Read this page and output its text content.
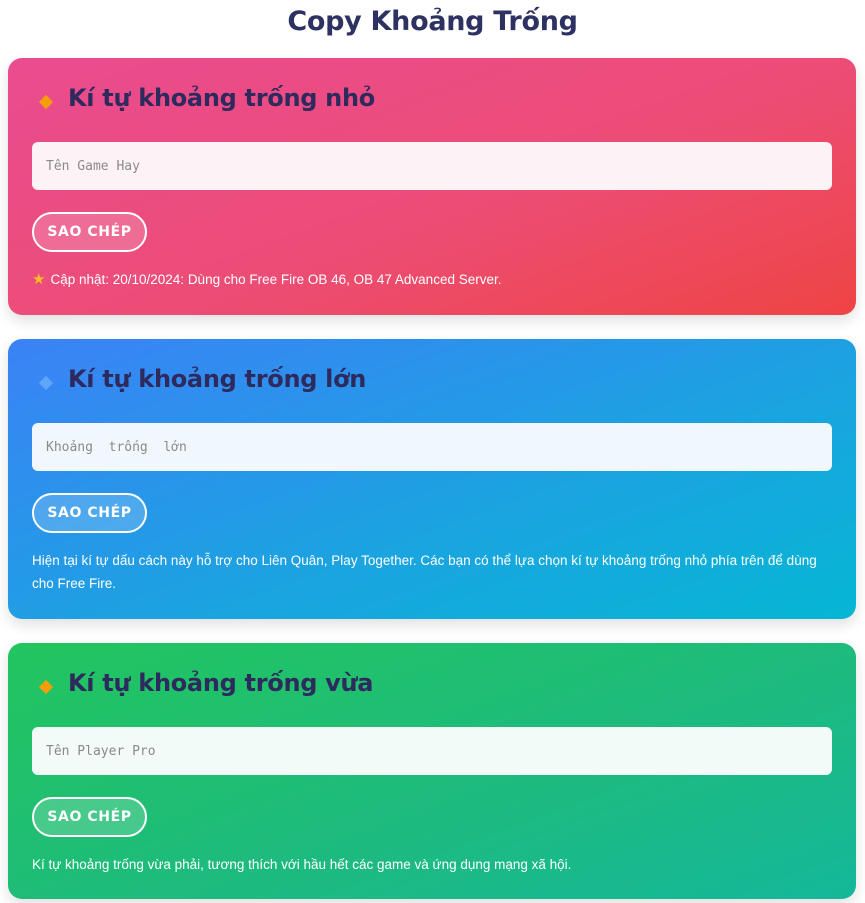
Copy Khoảng Trống
Kí tự khoảng trống nhỏ
Tên Game Hay
SAO CHÉP

★ Cập nhật: 20/10/2024: Dùng cho Free Fire OB 46, OB 47 Advanced Server.

Kí tự khoảng trống lớn
Khoảng trống lớn
SAO CHÉP

Hiện tại kí tự dấu cách này hỗ trợ cho Liên Quân, Play Together. Các bạn có thể lựa chọn kí tự khoảng trống nhỏ phía trên để dùng cho Free Fire.

Kí tự khoảng trống vừa
Tên Player Pro
SAO CHÉP

Kí tự khoảng trống vừa phải, tương thích với hầu hết các game và ứng dụng mạng xã hội.
